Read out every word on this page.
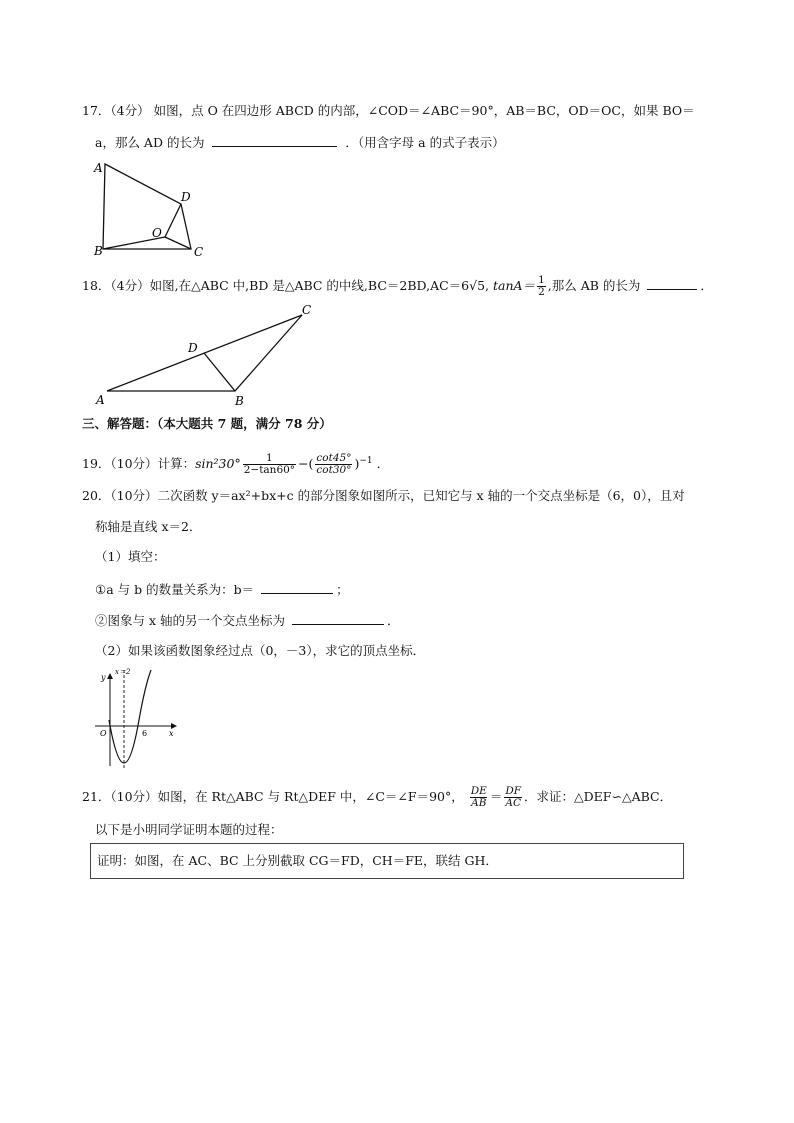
17．（4分） 如图，点 O 在四边形 ABCD 的内部，∠COD＝∠ABC＝90°，AB＝BC，OD＝OC，如果 BO＝
a，那么 AD 的长为	．（用含字母 a 的式子表示）
A
B	C
D
O
18．（4分）如图,在△ABC 中,BD 是△ABC 的中线,BC＝2BD,AC＝6√5, $\tan A= \frac{1}{2}$ ,那么 AB 的长为	．
A	B
C
D
三、解答题：（本大题共 7 题，满分 78 分）
19．（10分）计算：$\sin^230^\circ \frac{1}{2-\tan 60^\circ}$ −( $\frac{\cot 45^\circ}{\cot 30^\circ} )^{-1}$ ．
20．（10分）二次函数 y＝ax²+bx+c 的部分图象如图所示，已知它与 x 轴的一个交点坐标是（6，0），且对
称轴是直线 x＝2．
（1）填空：
①a 与 b 的数量关系为：b＝	；
②图象与 x 轴的另一个交点坐标为	．
（2）如果该函数图象经过点（0，－3），求它的顶点坐标．
y
x
O	6
x＝2
21．（10分）如图，在 Rt△ABC 与 Rt△DEF 中，∠C＝∠F＝90°， $\frac{DE}{AB} = \frac{DF}{AC}$ ．求证：△DEF∽△ABC．
以下是小明同学证明本题的过程：
证明：如图，在 AC、BC 上分别截取 CG＝FD，CH＝FE，联结 GH．
